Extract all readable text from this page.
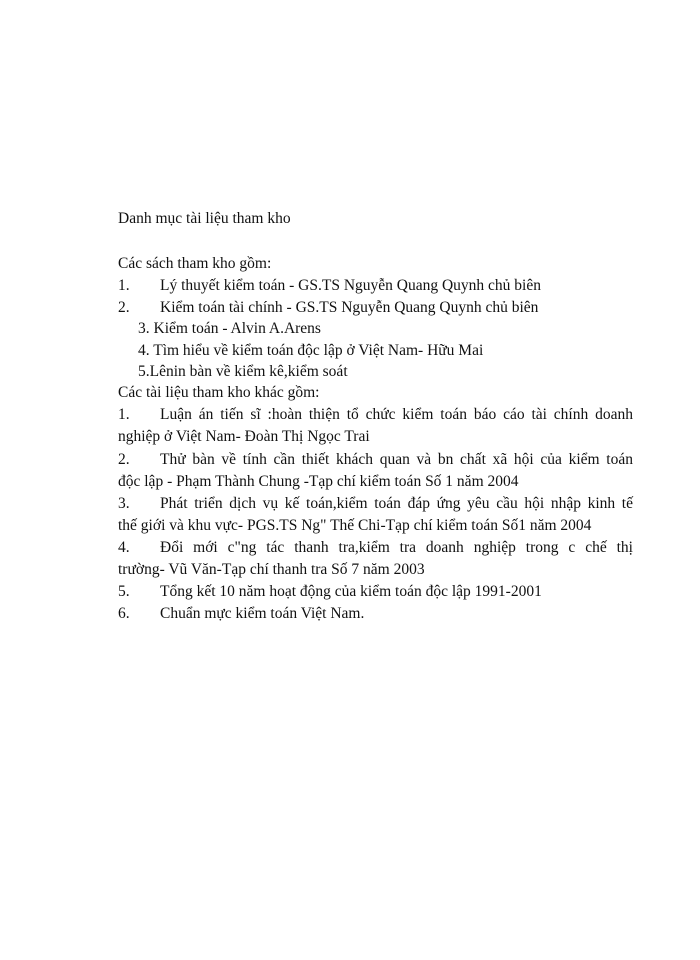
Danh mục tài liệu tham kho
Các sách tham kho gồm:
1. Lý thuyết kiểm toán - GS.TS Nguyễn Quang Quynh chủ biên
2. Kiểm toán tài chính - GS.TS Nguyễn Quang Quynh chủ biên
3. Kiểm toán - Alvin A.Arens
4. Tìm hiểu về kiểm toán độc lập ở Việt Nam- Hữu Mai
5.Lênin bàn về kiểm kê,kiểm soát
Các tài liệu tham kho khác gồm:
1. Luận án tiến sĩ :hoàn thiện tổ chức kiểm toán báo cáo tài chính doanh
nghiệp ở Việt Nam- Đoàn Thị Ngọc Trai
2. Thử bàn về tính cần thiết khách quan và bn chất xã hội của kiểm toán
độc lập - Phạm Thành Chung -Tạp chí kiểm toán Số 1 năm 2004
3. Phát triển dịch vụ kế toán,kiểm toán đáp ứng yêu cầu hội nhập kinh tế
thế giới và khu vực- PGS.TS Ng" Thế Chi-Tạp chí kiểm toán Số1 năm 2004
4. Đổi mới c"ng tác thanh tra,kiểm tra doanh nghiệp trong c chế thị
trường- Vũ Văn-Tạp chí thanh tra Số 7 năm 2003
5. Tổng kết 10 năm hoạt động của kiểm toán độc lập 1991-2001
6. Chuẩn mực kiểm toán Việt Nam.
